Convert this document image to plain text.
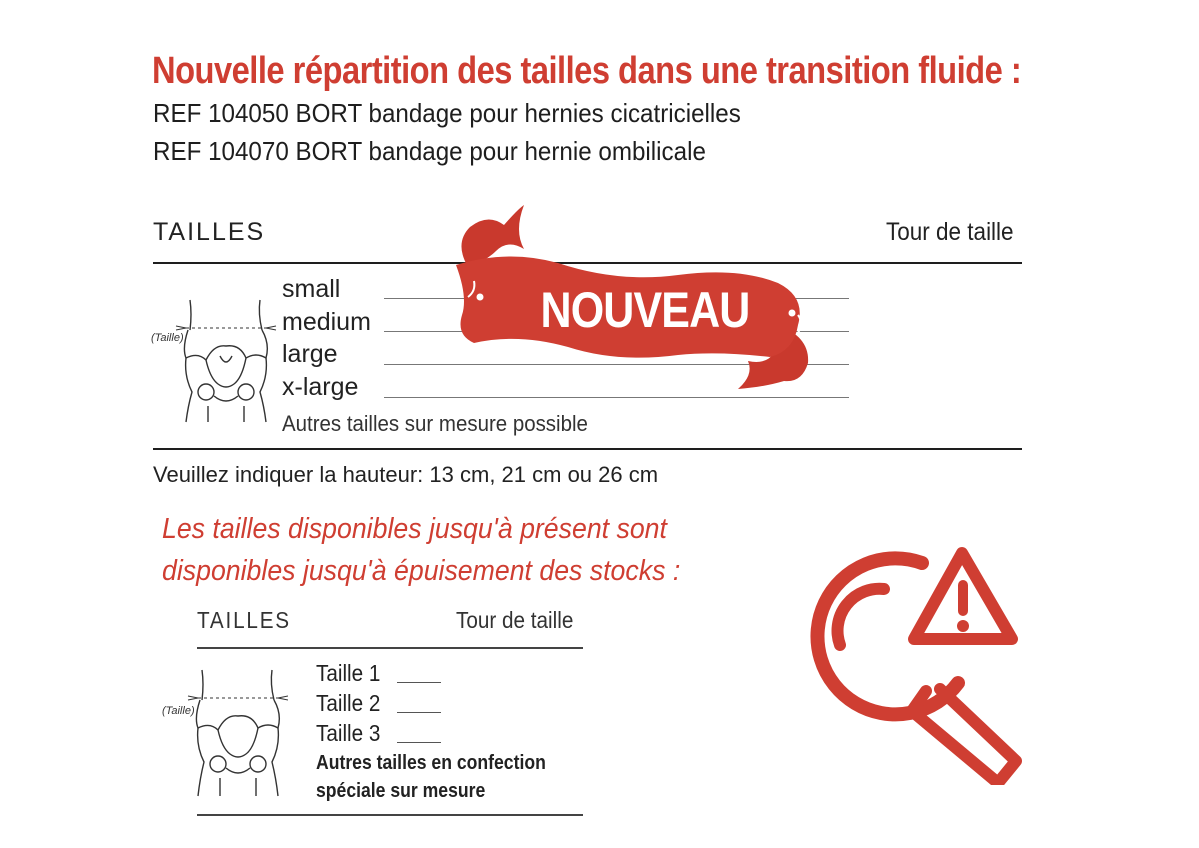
Nouvelle répartition des tailles dans une transition fluide :
REF 104050 BORT bandage pour hernies cicatricielles
REF 104070 BORT bandage pour hernie ombilicale
TAILLES	Tour de taille
(Taille)
small
medium
large
x-large
Autres tailles sur mesure possible
NOUVEAU
Veuillez indiquer la hauteur: 13 cm, 21 cm ou 26 cm
Les tailles disponibles jusqu'à présent sont
disponibles jusqu'à épuisement des stocks :
TAILLES	Tour de taille
(Taille)
Taille 1
Taille 2
Taille 3
Autres tailles en confection
spéciale sur mesure
